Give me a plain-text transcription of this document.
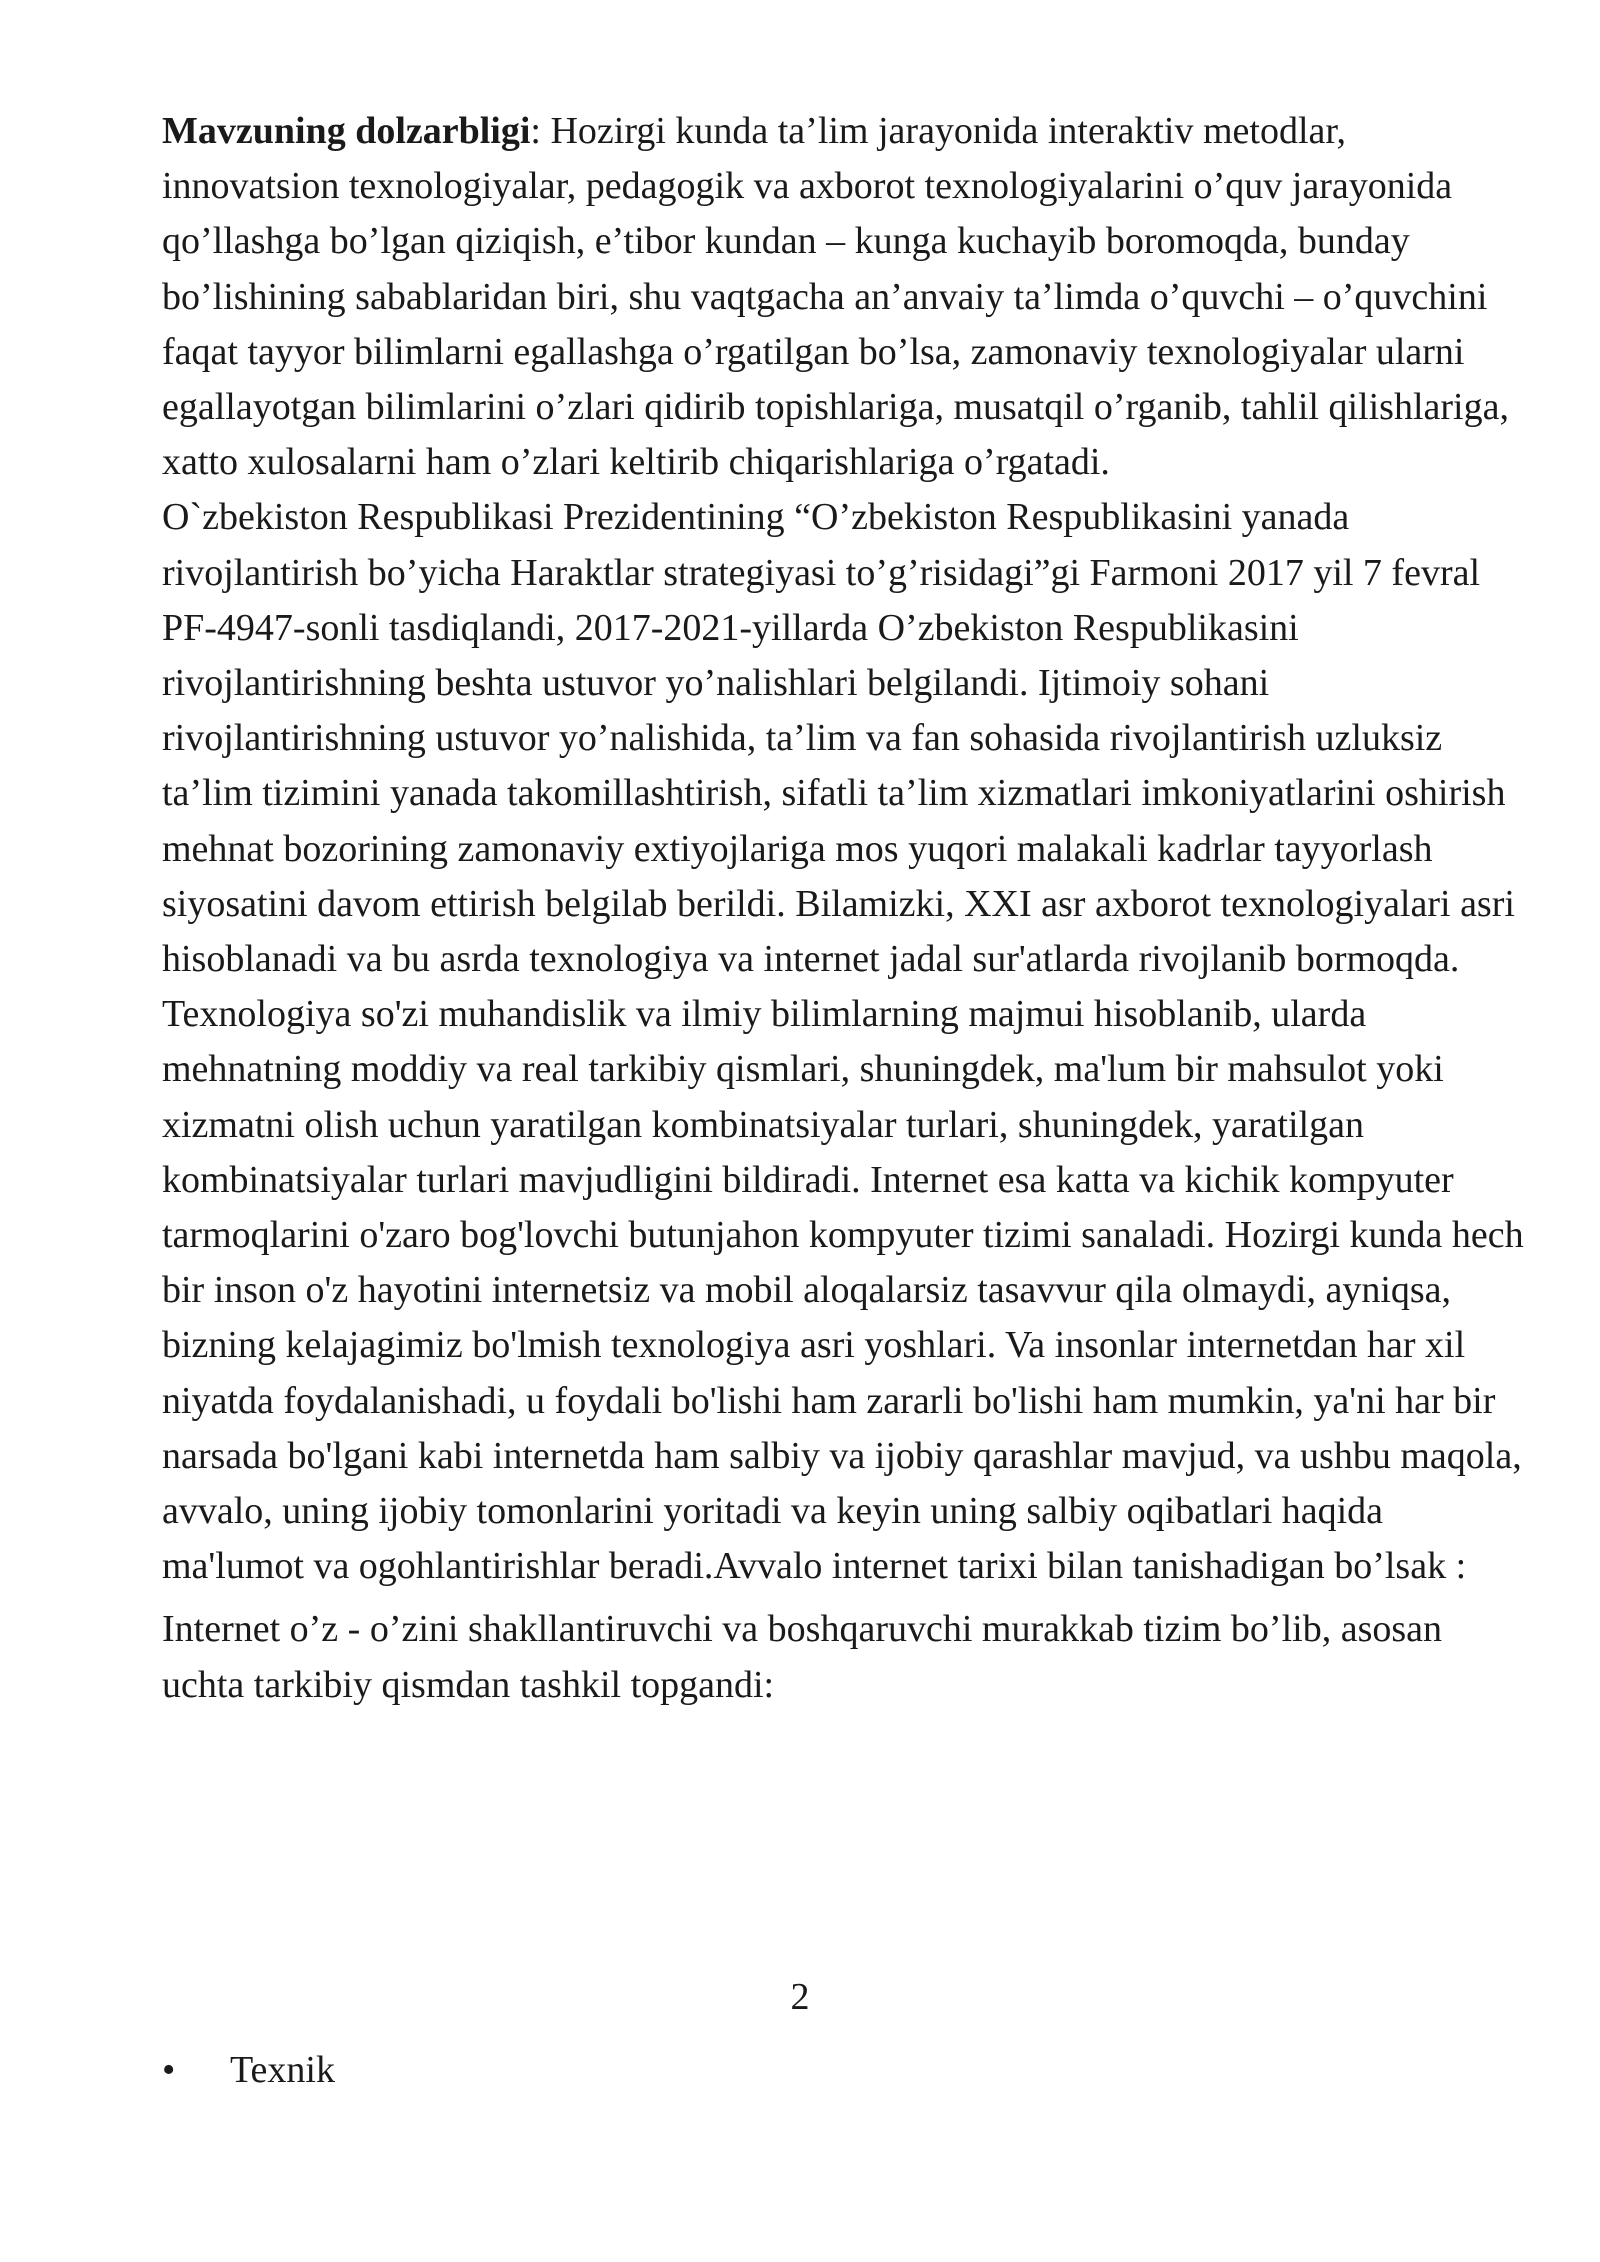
Mavzuning dolzarbligi: Hozirgi kunda ta’lim jarayonida interaktiv metodlar, innovatsion texnologiyalar, pedagogik va axborot texnologiyalarini o’quv jarayonida qo’llashga bo’lgan qiziqish, e’tibor kundan – kunga kuchayib boromoqda, bunday bo’lishining sabablaridan biri, shu vaqtgacha an’anvaiy ta’limda o’quvchi – o’quvchini faqat tayyor bilimlarni egallashga o’rgatilgan bo’lsa, zamonaviy texnologiyalar ularni egallayotgan bilimlarini o’zlari qidirib topishlariga, musatqil o’rganib, tahlil qilishlariga, xatto xulosalarni ham o’zlari keltirib chiqarishlariga o’rgatadi.

O`zbekiston Respublikasi Prezidentining “O’zbekiston Respublikasini yanada rivojlantirish bo’yicha Haraktlar strategiyasi to’g’risidagi”gi Farmoni 2017 yil 7 fevral PF-4947-sonli tasdiqlandi, 2017-2021-yillarda O’zbekiston Respublikasini rivojlantirishning beshta ustuvor yo’nalishlari belgilandi. Ijtimoiy sohani rivojlantirishning ustuvor yo’nalishida, ta’lim va fan sohasida rivojlantirish uzluksiz ta’lim tizimini yanada takomillashtirish, sifatli ta’lim xizmatlari imkoniyatlarini oshirish mehnat bozorining zamonaviy extiyojlariga mos yuqori malakali kadrlar tayyorlash siyosatini davom ettirish belgilab berildi. Bilamizki, XXI asr axborot texnologiyalari asri hisoblanadi va bu asrda texnologiya va internet jadal sur'atlarda rivojlanib bormoqda. Texnologiya so'zi muhandislik va ilmiy bilimlarning majmui hisoblanib, ularda mehnatning moddiy va real tarkibiy qismlari, shuningdek, ma'lum bir mahsulot yoki xizmatni olish uchun yaratilgan kombinatsiyalar turlari, shuningdek, yaratilgan kombinatsiyalar turlari mavjudligini bildiradi. Internet esa katta va kichik kompyuter tarmoqlarini o'zaro bog'lovchi butunjahon kompyuter tizimi sanaladi. Hozirgi kunda hech bir inson o'z hayotini internetsiz va mobil aloqalarsiz tasavvur qila olmaydi, ayniqsa, bizning kelajagimiz bo'lmish texnologiya asri yoshlari. Va insonlar internetdan har xil niyatda foydalanishadi, u foydali bo'lishi ham zararli bo'lishi ham mumkin, ya'ni har bir narsada bo'lgani kabi internetda ham salbiy va ijobiy qarashlar mavjud, va ushbu maqola, avvalo, uning ijobiy tomonlarini yoritadi va keyin uning salbiy oqibatlari haqida ma'lumot va ogohlantirishlar beradi.Avvalo internet tarixi bilan tanishadigan bo’lsak :

Internet o’z - o’zini shakllantiruvchi va boshqaruvchi murakkab tizim bo’lib, asosan uchta tarkibiy qismdan tashkil topgandi:

2
• Texnik
